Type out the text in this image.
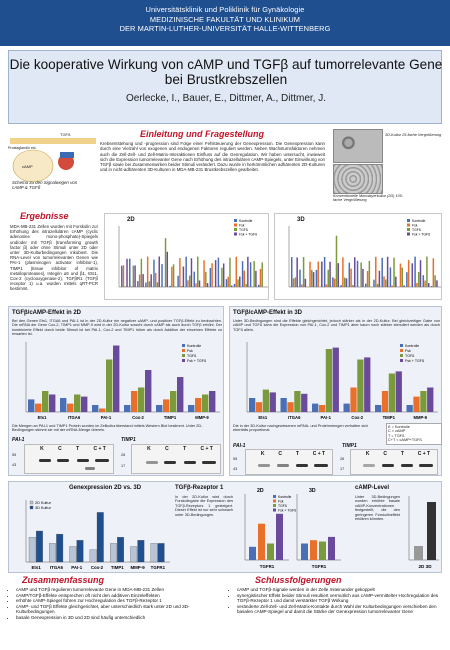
Universitätsklinik und Poliklinik für Gynäkologie
MEDIZINISCHE FAKULTÄT UND KLINIKUM
DER MARTIN-LUTHER-UNIVERSITÄT HALLE-WITTENBERG
Die kooperative Wirkung von cAMP und TGFβ auf tumorrelevante Gene bei Brustkrebszellen
Oerlecke, I., Bauer, E., Dittmer, A., Dittmer, J.
TGFß
Prostaglandin etc.
cAMP
Schema zu den Signalwegen von cAMP & TGFß
Einleitung und Fragestellung
Krebsentstehung und -progression sind Folge einer Fehlsteuerung der Genexpression. Die Genexpression kann durch eine Vielzahl von exogenen und endogenen Faktoren reguliert werden. Neben Wachstumsfaktoren nehmen auch die Zell-Zell- und Zell-Matrix-Interaktionen Einfluss auf die Genregulation. Wir haben untersucht, inwieweit sich die Expression tumorrelevanter Gene nach Erhöhung des intrazellulären cAMP-Spiegels, unter Einwirkung von TGFβ sowie bei Zusammenwirken beider Stimuli verändert. Dazu wurde in herkömmlichen adhärenten 2D-Kulturen und in nicht-adhärenten 3D-Kulturen in MDA-MB-231 Brustkrebszellen gearbeitet.
3D-Kultur 25-fache Vergrößerung
Konventionelle Monolayerkultur (2D) 100-fache Vergrößerung
Ergebnisse
MDA-MB-231 Zellen wurden mit Forskolin zur Erhöhung des intrazellulären cAMP (cyclic adenosine mono-phosphate)-Spiegels und/oder mit TGFβ (transforming growth factor β) oder ohne Stimuli unter 2D oder unter 3D-Kulturbedingungen inkubiert. Die RNA-Level von tumorrelevanten Genen wie PAI-1 (plasminogen activator inhibitor-1), TIMP1 (tissue inhibitor of matrix metalloproteases), Integrin α6 und β1, Ets1, Cox-2 (cyclooxygenase-2), TGFβR1 (TGFβ receptor 1) u.a. wurden mittels qRT-PCR bestimmt.
2D	Kontrolle
Fsk
TGFß
Fsk + TGFß
3D	Kontrolle
Fsk
TGFß
Fsk + TGFß
TGFβ/cAMP-Effekt in 2D
Bei den Genen Ets1, ITGA6 und PAI-1 ist in der 2D-Kultur ein negativer cAMP- und positiver TGFβ-Effekt zu beobachten. Die mRNA der Gene Cox-2, TIMP1 und MMP-9 wird in der 2D-Kultur sowohl durch cAMP als auch durch TGFβ erhöht. Der kombinierte Effekt durch beide Stimuli ist bei PAI-1, Cox-2 und TIMP1 höher als durch Addition der einzelnen Effekte zu erwarten ist.
Ets1	ITGA6	PAI-1	Cox-2	TIMP1	MMP-9
Kontrolle
Fsk
TGFß
Fsk + TGFß
Die Mengen an PAI-1 und TIMP1 Protein wurden im Zellkulturüberstand mittels Western Blot bestimmt. Unter 2D-Bedingungen stimmt sie mit der mRNA-Menge überein.
PAI-1	TIMP1
K	C	T	C + T
55
43
K	C	T	C + T
26
17
TGFβ/cAMP-Effekt in 3D
Unter 3D-Bedingungen sind die Effekte gleichgerichtet, jedoch stärker als in der 2D-Kultur. Bei gleichzeitiger Gabe von cAMP und TGFß kann die Expression von PAI-1, Cox-2 und TIMP1 aber kaum noch stärker stimuliert werden als durch TGFß allein.
Ets1	ITGA6	PAI-1	Cox-2	TIMP1	MMP-9
Kontrolle
Fsk
TGFß
Fsk + TGFß
Die in der 3D-Kultur nachgewiesenen mRNA- und Proteinmengen verhalten sich ebenfalls proportional.
K = Kontrolle
C = cAMP
T = TGFß
C+T = cAMP+TGFß
PAI-1	TIMP1
K	C	T	C + T
55
43
K	C	T	C + T
26
17
Genexpression 2D vs. 3D
Ets1 ITGA6 PAI-1 Cox-2 TIMP1 MMP-9 TGFR1
2D Kultur
3D Kultur
TGFβ-Rezeptor 1
In der 2D-Kultur wird durch Forskolingabe die Expression des TGFβ-Rezeptors 1 gesteigert. Dieser Effekt ist nur sehr schwach unter 3D-Bedingungen.
2D
TGFR1
3D
TGFR1
Kontrolle
Fsk
TGFß
Fsk + TGFß
cAMP-Level
Unter 3D-Bedingungen wurden erhöhte basale cAMP-Konzentrationen festgestellt, die den geringeren Forskolineffekt erklären könnten.
2D 3D
Zusammenfassung
• cAMP und TGFβ regulieren tumorrelevante Gene in MDA-MB-231 Zellen
• cAMP/TGFβ-Effekte entsprechen oft nicht den additiven Einzeleffekten
• erhöhte cAMP-Spiegel führen zur Hochregulation des TGFβ-Rezeptor 1
• cAMP- und TGFβ Effekte gleichgerichtet, aber unterschiedlich stark unter 2D und 3D-Kulturbedingungen
• basale Genexpression in 3D und 2D sind häufig unterschiedlich
Schlussfolgerungen
• cAMP und TGFβ-Signale werden in der Zelle miteinander gekoppelt
• synergistischer Effekt beider Stimuli resultiert vermutlich aus cAMP-vermittelter Hochregulation des TGFβ-Rezeptor 1 und damit verstärkter TGFβ Wirkung
• veränderte Zell-Zell- und Zell-Matrix-Kontakte durch Wahl der Kulturbedingungen verschieben den basalen cAMP-Spiegel und damit die Stärke der Genexpression tumorrelevanter Gene
